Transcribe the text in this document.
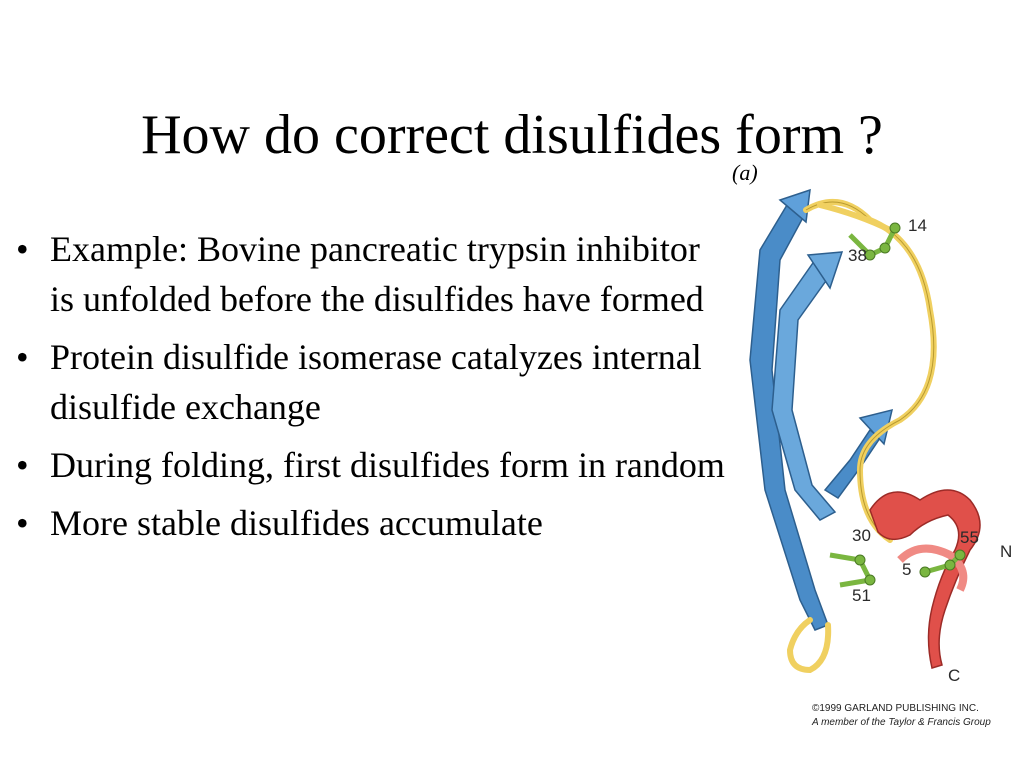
How do correct disulfides form ?
• Example: Bovine pancreatic trypsin inhibitor is unfolded before the disulfides have formed
• Protein disulfide isomerase catalyzes internal disulfide exchange
• During folding, first disulfides form in random
• More stable disulfides accumulate
(a)
14
38
30
5
55
51
N
C
©1999 GARLAND PUBLISHING INC.
A member of the Taylor & Francis Group
